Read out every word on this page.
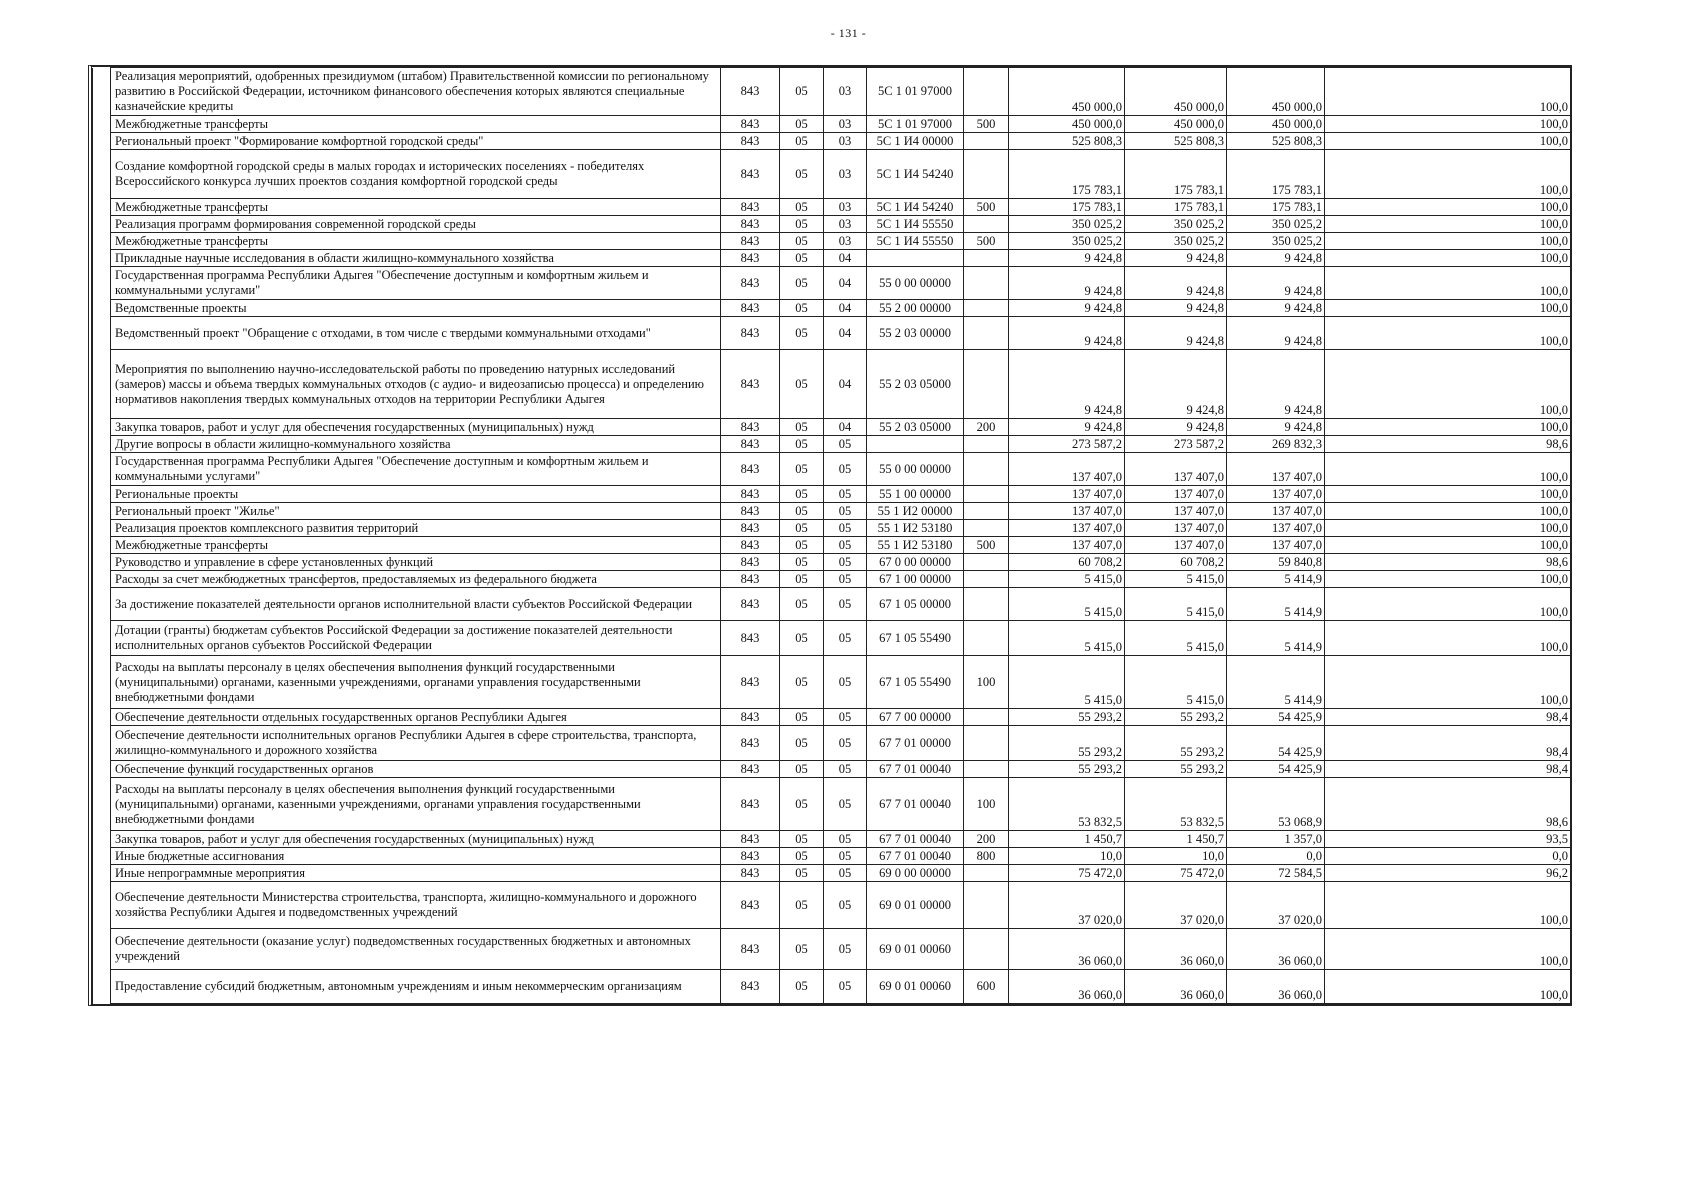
- 131 -
	Реализация мероприятий, одобренных президиумом (штабом) Правительственной комиссии по региональному развитию в Российской Федерации, источником финансового обеспечения которых являются специальные казначейские кредиты	843	05	03	5С 1 01 97000		450 000,0	450 000,0	450 000,0	100,0
	Межбюджетные трансферты	843	05	03	5С 1 01 97000	500	450 000,0	450 000,0	450 000,0	100,0
	Региональный проект "Формирование комфортной городской среды"	843	05	03	5С 1 И4 00000		525 808,3	525 808,3	525 808,3	100,0
	Создание комфортной городской среды в малых городах и исторических поселениях - победителях Всероссийского конкурса лучших проектов создания комфортной городской среды	843	05	03	5С 1 И4 54240		175 783,1	175 783,1	175 783,1	100,0
	Межбюджетные трансферты	843	05	03	5С 1 И4 54240	500	175 783,1	175 783,1	175 783,1	100,0
	Реализация программ формирования современной городской среды	843	05	03	5С 1 И4 55550		350 025,2	350 025,2	350 025,2	100,0
	Межбюджетные трансферты	843	05	03	5С 1 И4 55550	500	350 025,2	350 025,2	350 025,2	100,0
	Прикладные научные исследования в области жилищно-коммунального хозяйства	843	05	04			9 424,8	9 424,8	9 424,8	100,0
	Государственная программа Республики Адыгея "Обеспечение доступным и комфортным жильем и коммунальными услугами"	843	05	04	55 0 00 00000		9 424,8	9 424,8	9 424,8	100,0
	Ведомственные проекты	843	05	04	55 2 00 00000		9 424,8	9 424,8	9 424,8	100,0
	Ведомственный проект "Обращение с отходами, в том числе с твердыми коммунальными отходами"	843	05	04	55 2 03 00000		9 424,8	9 424,8	9 424,8	100,0
	Мероприятия по выполнению научно-исследовательской работы по проведению натурных исследований (замеров) массы и объема твердых коммунальных отходов (с аудио- и видеозаписью процесса) и определению нормативов накопления твердых коммунальных отходов на территории Республики Адыгея	843	05	04	55 2 03 05000		9 424,8	9 424,8	9 424,8	100,0
	Закупка товаров, работ и услуг для обеспечения государственных (муниципальных) нужд	843	05	04	55 2 03 05000	200	9 424,8	9 424,8	9 424,8	100,0
	Другие вопросы в области жилищно-коммунального хозяйства	843	05	05			273 587,2	273 587,2	269 832,3	98,6
	Государственная программа Республики Адыгея "Обеспечение доступным и комфортным жильем и коммунальными услугами"	843	05	05	55 0 00 00000		137 407,0	137 407,0	137 407,0	100,0
	Региональные проекты	843	05	05	55 1 00 00000		137 407,0	137 407,0	137 407,0	100,0
	Региональный проект "Жилье"	843	05	05	55 1 И2 00000		137 407,0	137 407,0	137 407,0	100,0
	Реализация проектов комплексного развития территорий	843	05	05	55 1 И2 53180		137 407,0	137 407,0	137 407,0	100,0
	Межбюджетные трансферты	843	05	05	55 1 И2 53180	500	137 407,0	137 407,0	137 407,0	100,0
	Руководство и управление в сфере установленных функций	843	05	05	67 0 00 00000		60 708,2	60 708,2	59 840,8	98,6
	Расходы за счет межбюджетных трансфертов, предоставляемых из федерального бюджета	843	05	05	67 1 00 00000		5 415,0	5 415,0	5 414,9	100,0
	За достижение показателей деятельности органов исполнительной власти субъектов Российской Федерации	843	05	05	67 1 05 00000		5 415,0	5 415,0	5 414,9	100,0
	Дотации (гранты) бюджетам субъектов Российской Федерации за достижение показателей деятельности исполнительных органов субъектов Российской Федерации	843	05	05	67 1 05 55490		5 415,0	5 415,0	5 414,9	100,0
	Расходы на выплаты персоналу в целях обеспечения выполнения функций государственными (муниципальными) органами, казенными учреждениями, органами управления государственными внебюджетными фондами	843	05	05	67 1 05 55490	100	5 415,0	5 415,0	5 414,9	100,0
	Обеспечение деятельности отдельных государственных органов Республики Адыгея	843	05	05	67 7 00 00000		55 293,2	55 293,2	54 425,9	98,4
	Обеспечение деятельности исполнительных органов Республики Адыгея в сфере строительства, транспорта, жилищно-коммунального и дорожного хозяйства	843	05	05	67 7 01 00000		55 293,2	55 293,2	54 425,9	98,4
	Обеспечение функций государственных органов	843	05	05	67 7 01 00040		55 293,2	55 293,2	54 425,9	98,4
	Расходы на выплаты персоналу в целях обеспечения выполнения функций государственными (муниципальными) органами, казенными учреждениями, органами управления государственными внебюджетными фондами	843	05	05	67 7 01 00040	100	53 832,5	53 832,5	53 068,9	98,6
	Закупка товаров, работ и услуг для обеспечения государственных (муниципальных) нужд	843	05	05	67 7 01 00040	200	1 450,7	1 450,7	1 357,0	93,5
	Иные бюджетные ассигнования	843	05	05	67 7 01 00040	800	10,0	10,0	0,0	0,0
	Иные непрограммные мероприятия	843	05	05	69 0 00 00000		75 472,0	75 472,0	72 584,5	96,2
	Обеспечение деятельности Министерства строительства, транспорта, жилищно-коммунального и дорожного хозяйства Республики Адыгея и подведомственных учреждений	843	05	05	69 0 01 00000		37 020,0	37 020,0	37 020,0	100,0
	Обеспечение деятельности (оказание услуг) подведомственных государственных бюджетных и автономных учреждений	843	05	05	69 0 01 00060		36 060,0	36 060,0	36 060,0	100,0
	Предоставление субсидий бюджетным, автономным учреждениям и иным некоммерческим организациям	843	05	05	69 0 01 00060	600	36 060,0	36 060,0	36 060,0	100,0
